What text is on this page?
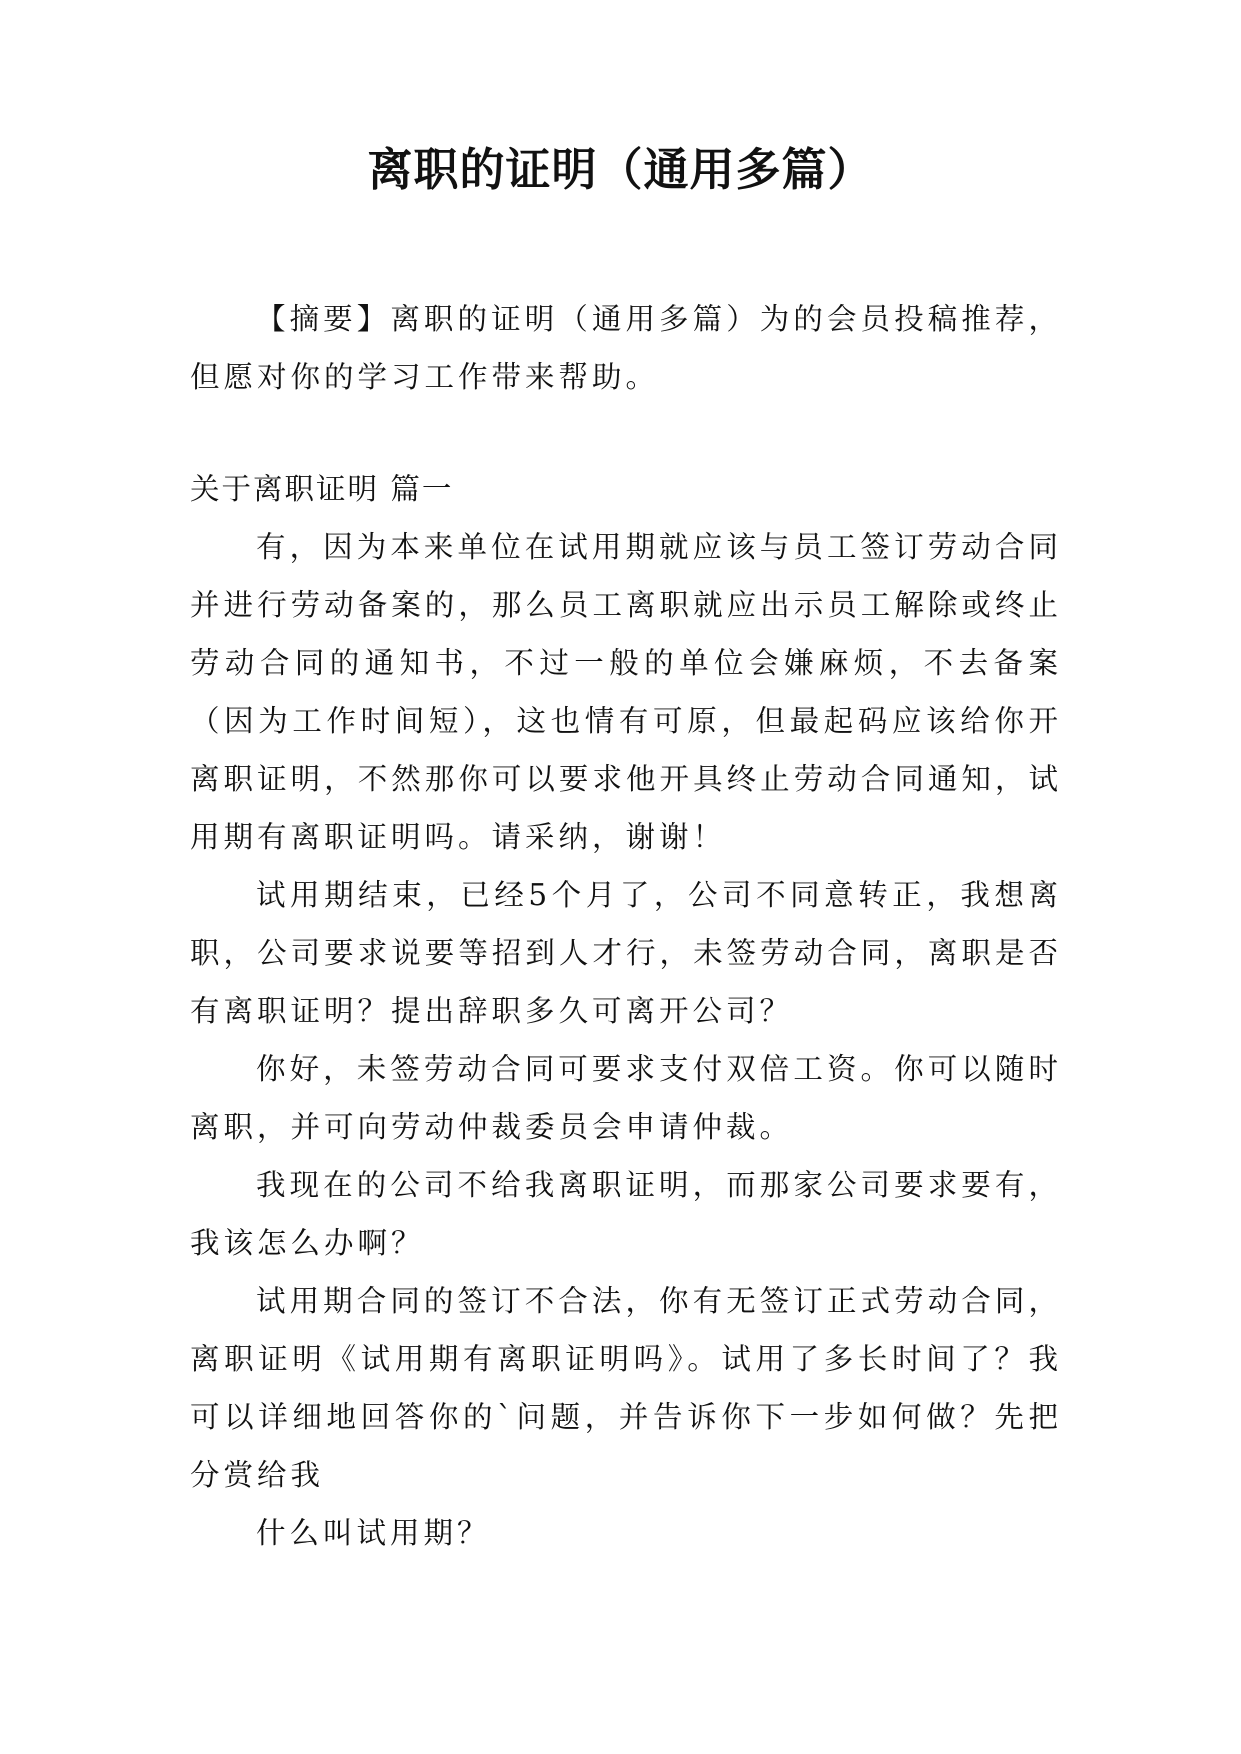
离职的证明（通用多篇）

【摘要】离职的证明（通用多篇）为的会员投稿推荐，但愿对你的学习工作带来帮助。

关于离职证明 篇一

有，因为本来单位在试用期就应该与员工签订劳动合同并进行劳动备案的，那么员工离职就应出示员工解除或终止劳动合同的通知书，不过一般的单位会嫌麻烦，不去备案（因为工作时间短），这也情有可原，但最起码应该给你开离职证明，不然那你可以要求他开具终止劳动合同通知，试用期有离职证明吗。请采纳，谢谢！

试用期结束，已经5个月了，公司不同意转正，我想离职，公司要求说要等招到人才行，未签劳动合同，离职是否有离职证明？提出辞职多久可离开公司？

你好，未签劳动合同可要求支付双倍工资。你可以随时离职，并可向劳动仲裁委员会申请仲裁。

我现在的公司不给我离职证明，而那家公司要求要有，我该怎么办啊？

试用期合同的签订不合法，你有无签订正式劳动合同，离职证明《试用期有离职证明吗》。试用了多长时间了？我可以详细地回答你的`问题，并告诉你下一步如何做？先把分赏给我

什么叫试用期？
